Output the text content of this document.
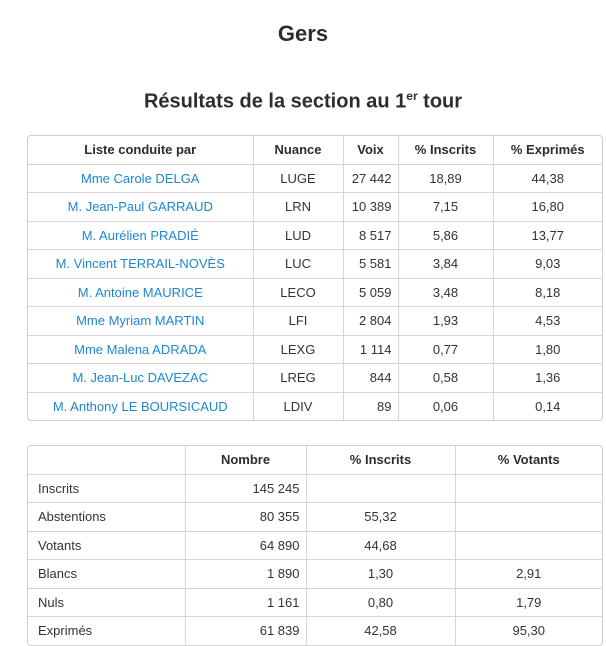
Gers
Résultats de la section au 1er tour
Liste conduite par	Nuance	Voix	% Inscrits	% Exprimés
Mme Carole DELGA	LUGE	27 442	18,89	44,38
M. Jean-Paul GARRAUD	LRN	10 389	7,15	16,80
M. Aurélien PRADIÉ	LUD	8 517	5,86	13,77
M. Vincent TERRAIL-NOVÈS	LUC	5 581	3,84	9,03
M. Antoine MAURICE	LECO	5 059	3,48	8,18
Mme Myriam MARTIN	LFI	2 804	1,93	4,53
Mme Malena ADRADA	LEXG	1 114	0,77	1,80
M. Jean-Luc DAVEZAC	LREG	844	0,58	1,36
M. Anthony LE BOURSICAUD	LDIV	89	0,06	0,14
	Nombre	% Inscrits	% Votants
Inscrits	145 245		
Abstentions	80 355	55,32	
Votants	64 890	44,68	
Blancs	1 890	1,30	2,91
Nuls	1 161	0,80	1,79
Exprimés	61 839	42,58	95,30
